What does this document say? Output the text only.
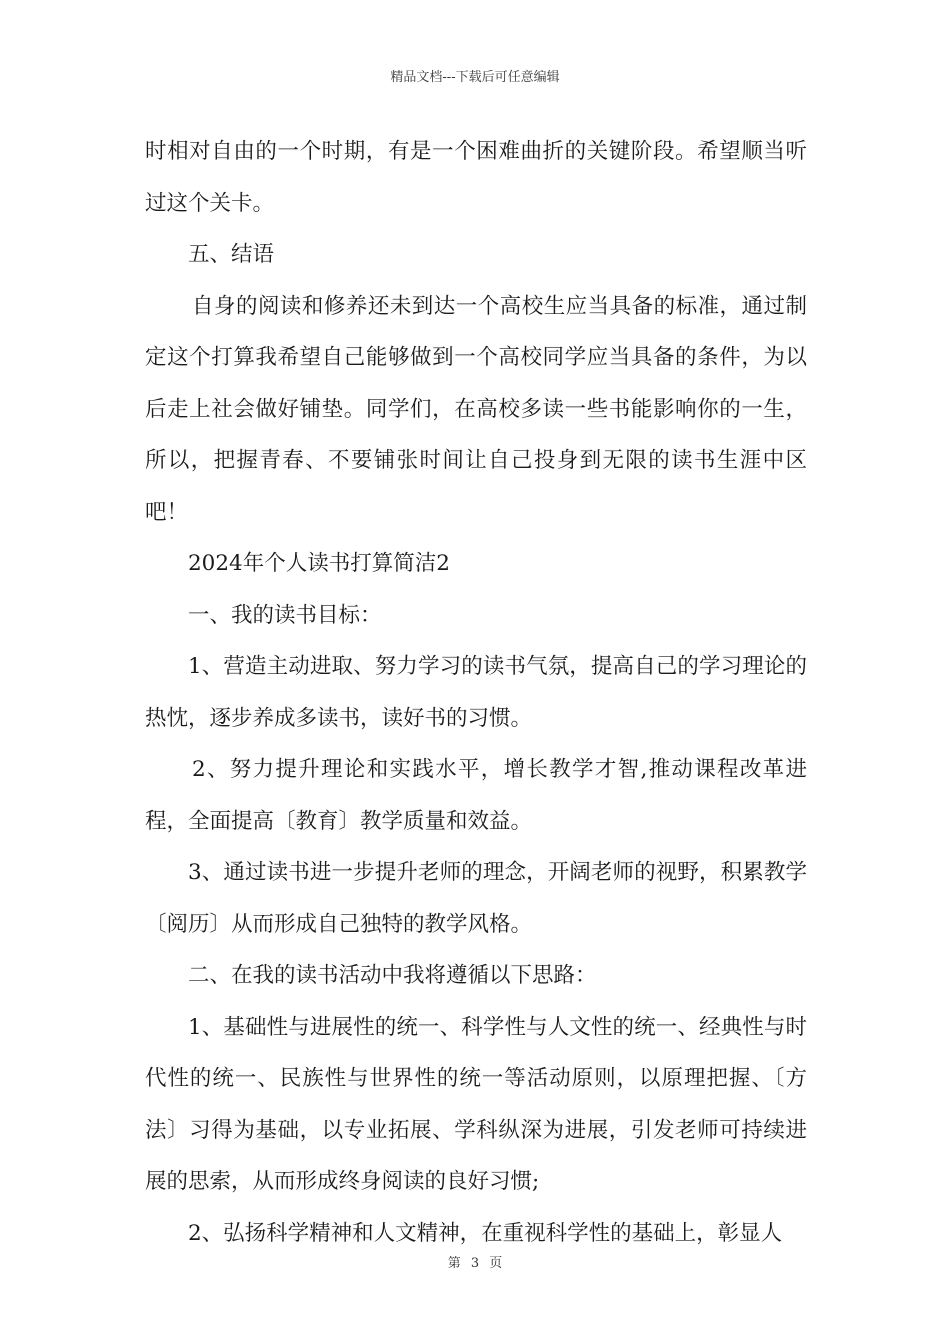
精品文档---下载后可任意编辑

时相对自由的一个时期，有是一个困难曲折的关键阶段。希望顺当听过这个关卡。

五、结语

自身的阅读和修养还未到达一个高校生应当具备的标准，通过制定这个打算我希望自己能够做到一个高校同学应当具备的条件，为以后走上社会做好铺垫。同学们，在高校多读一些书能影响你的一生，所以，把握青春、不要铺张时间让自己投身到无限的读书生涯中区吧！

2024年个人读书打算简洁2

一、我的读书目标：

1、营造主动进取、努力学习的读书气氛，提高自己的学习理论的热忱，逐步养成多读书，读好书的习惯。

2、努力提升理论和实践水平，增长教学才智,推动课程改革进程，全面提高〔教育〕教学质量和效益。

3、通过读书进一步提升老师的理念，开阔老师的视野，积累教学〔阅历〕从而形成自己独特的教学风格。

二、在我的读书活动中我将遵循以下思路：

1、基础性与进展性的统一、科学性与人文性的统一、经典性与时代性的统一、民族性与世界性的统一等活动原则，以原理把握、〔方法〕习得为基础，以专业拓展、学科纵深为进展，引发老师可持续进展的思索，从而形成终身阅读的良好习惯;

2、弘扬科学精神和人文精神，在重视科学性的基础上，彰显人

第 3 页
